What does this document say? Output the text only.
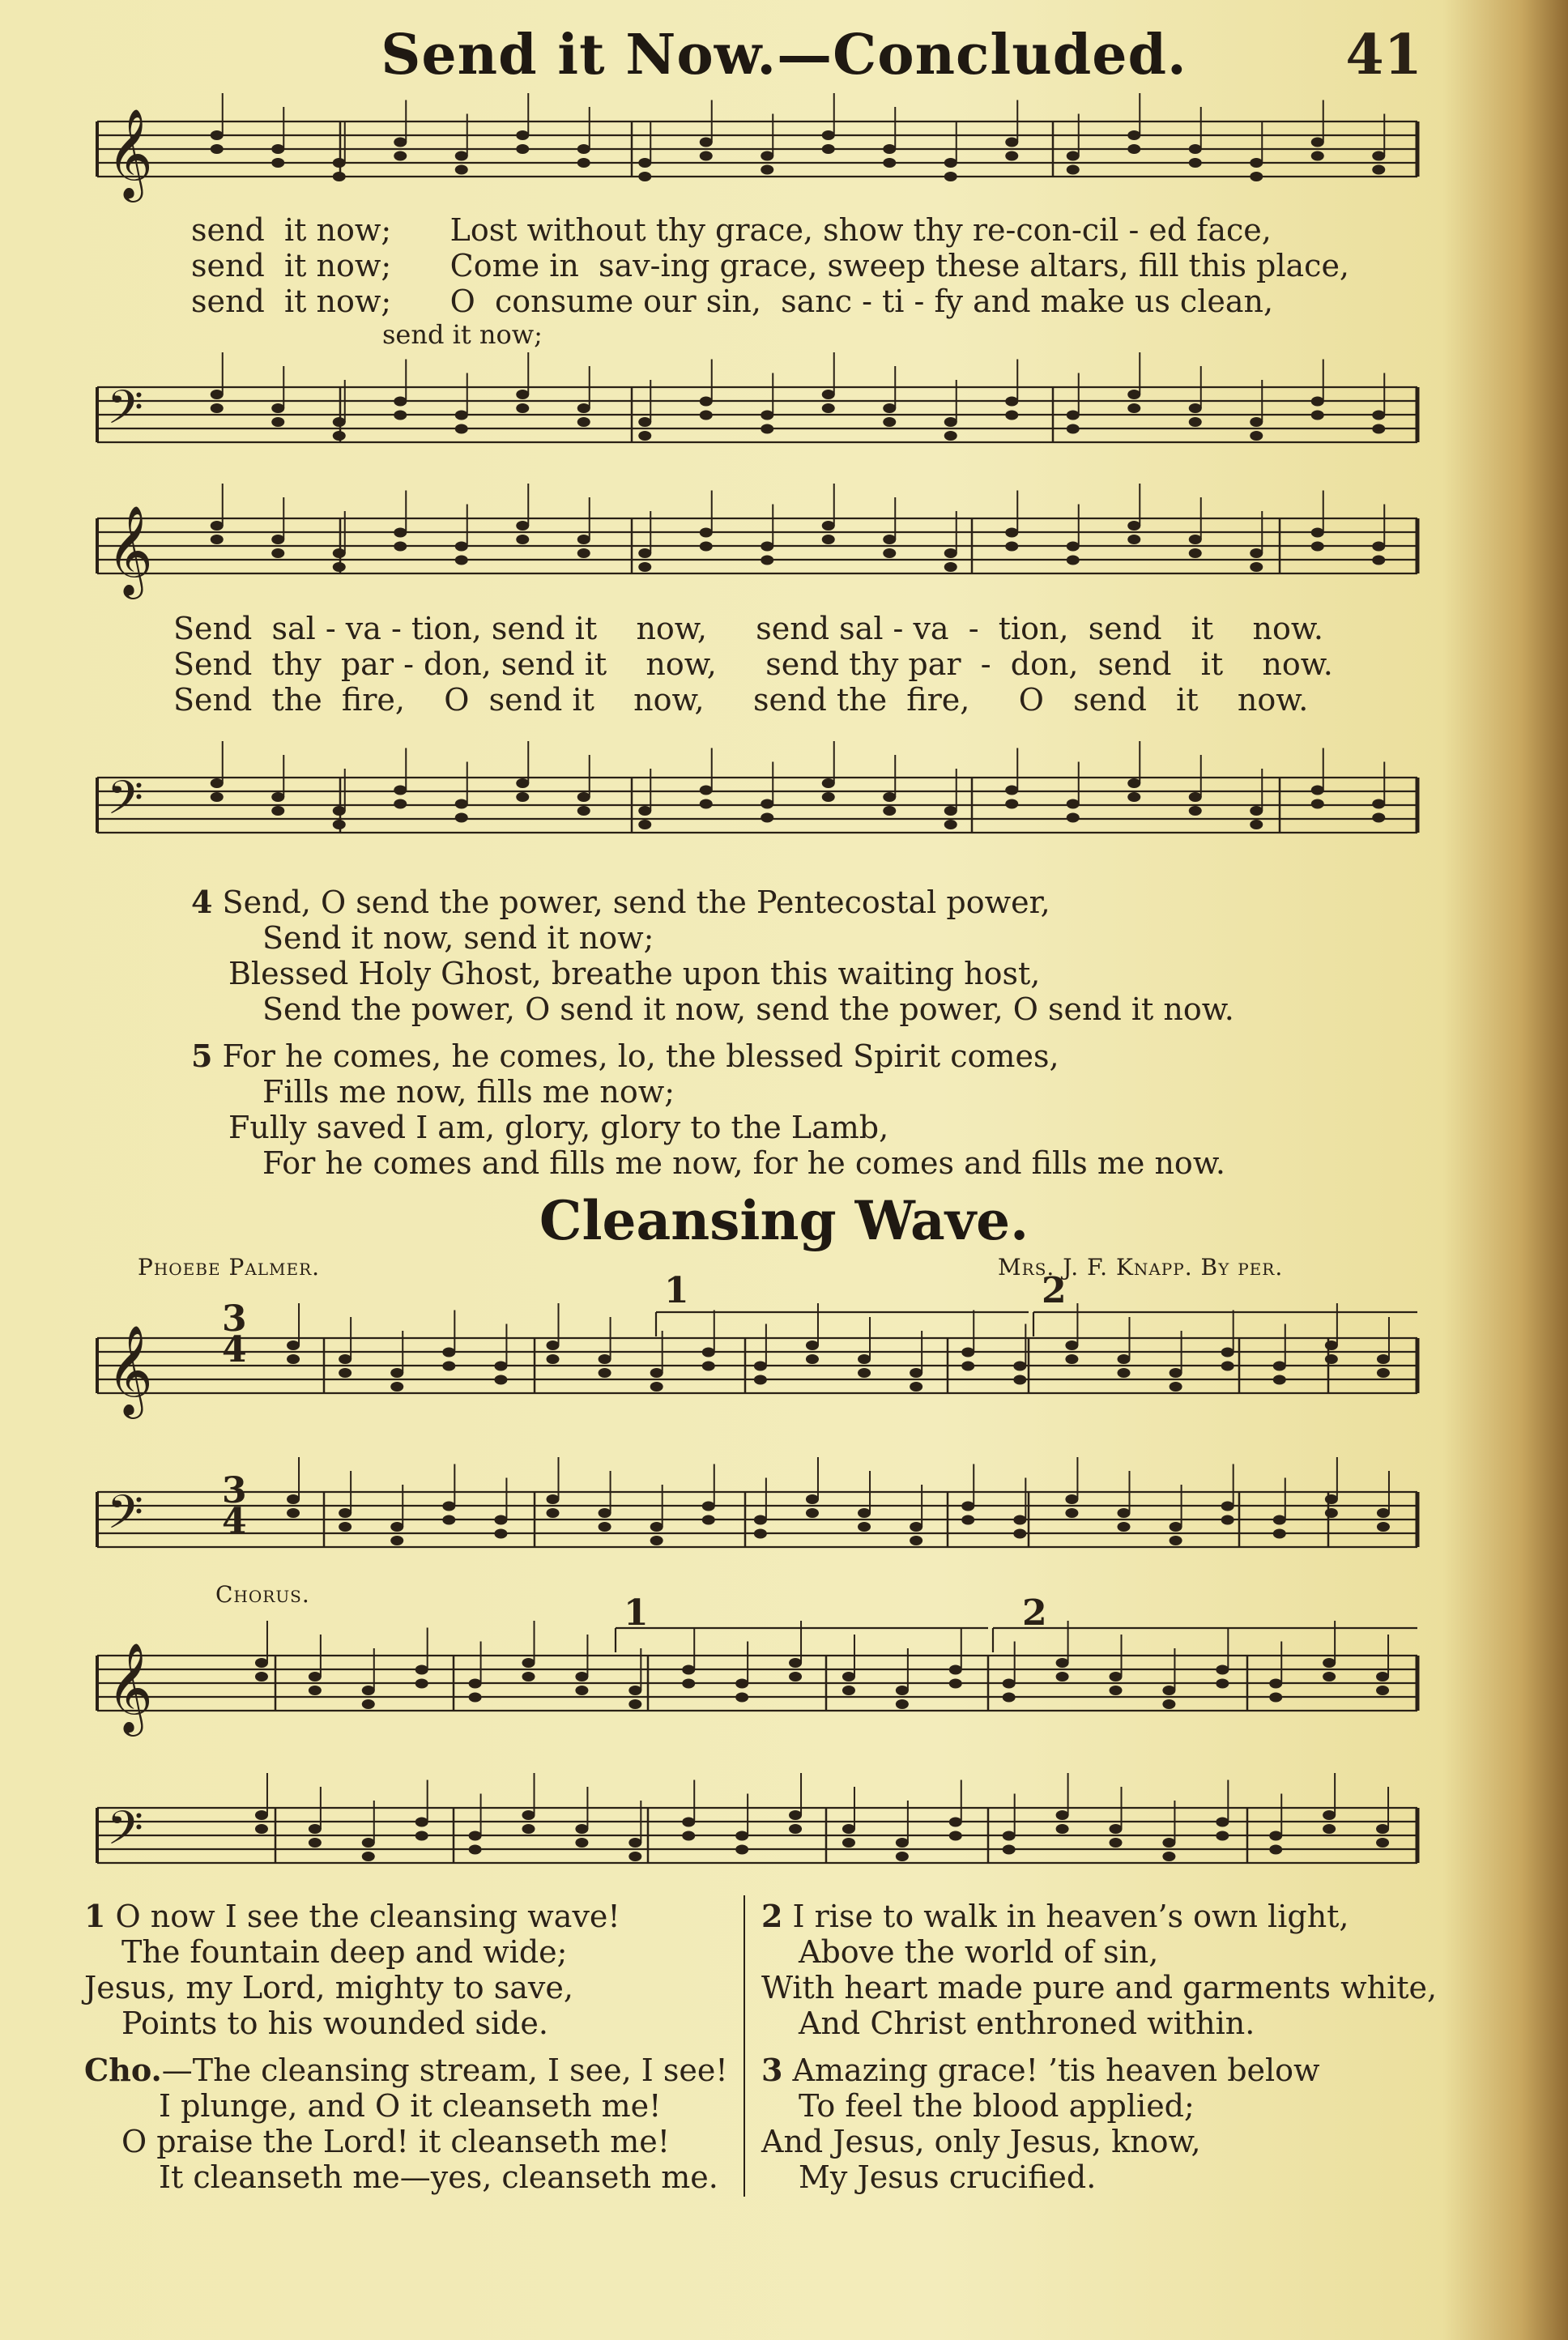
Send it Now.—Concluded.	41
𝄞
𝄞
𝄞
𝄞
𝄢
𝄢
𝄢
𝄢
send it now; Lost without thy grace, show thy re-con-cil - ed face,
send it now; Come in  sav-ing grace, sweep these altars, fill this place,
send it now; O  consume our sin,  sanc - ti - fy and make us clean,
send it now;
Send  sal - va - tion, send it    now,     send sal - va  -  tion,  send   it    now.
Send  thy  par - don, send it    now,     send thy par  -  don,  send   it    now.
Send  the  fire,    O  send it    now,     send the  fire,     O   send   it    now.
4 Send, O send the power, send the Pentecostal power,
Send it now, send it now;
Blessed Holy Ghost, breathe upon this waiting host,
Send the power, O send it now, send the power, O send it now.
5 For he comes, he comes, lo, the blessed Spirit comes,
Fills me now, fills me now;
Fully saved I am, glory, glory to the Lamb,
For he comes and fills me now, for he comes and fills me now.
Cleansing Wave.
Phoebe Palmer.	Mrs. J. F. Knapp. By per.
3
4
3
4
1	2
1	2
Chorus.
1 O now I see the cleansing wave!
The fountain deep and wide;
Jesus, my Lord, mighty to save,
Points to his wounded side.
Cho.—The cleansing stream, I see, I see!
I plunge, and O it cleanseth me!
O praise the Lord! it cleanseth me!
It cleanseth me—yes, cleanseth me.
2 I rise to walk in heaven’s own light,
Above the world of sin,
With heart made pure and garments white,
And Christ enthroned within.
3 Amazing grace! ’tis heaven below
To feel the blood applied;
And Jesus, only Jesus, know,
My Jesus crucified.
